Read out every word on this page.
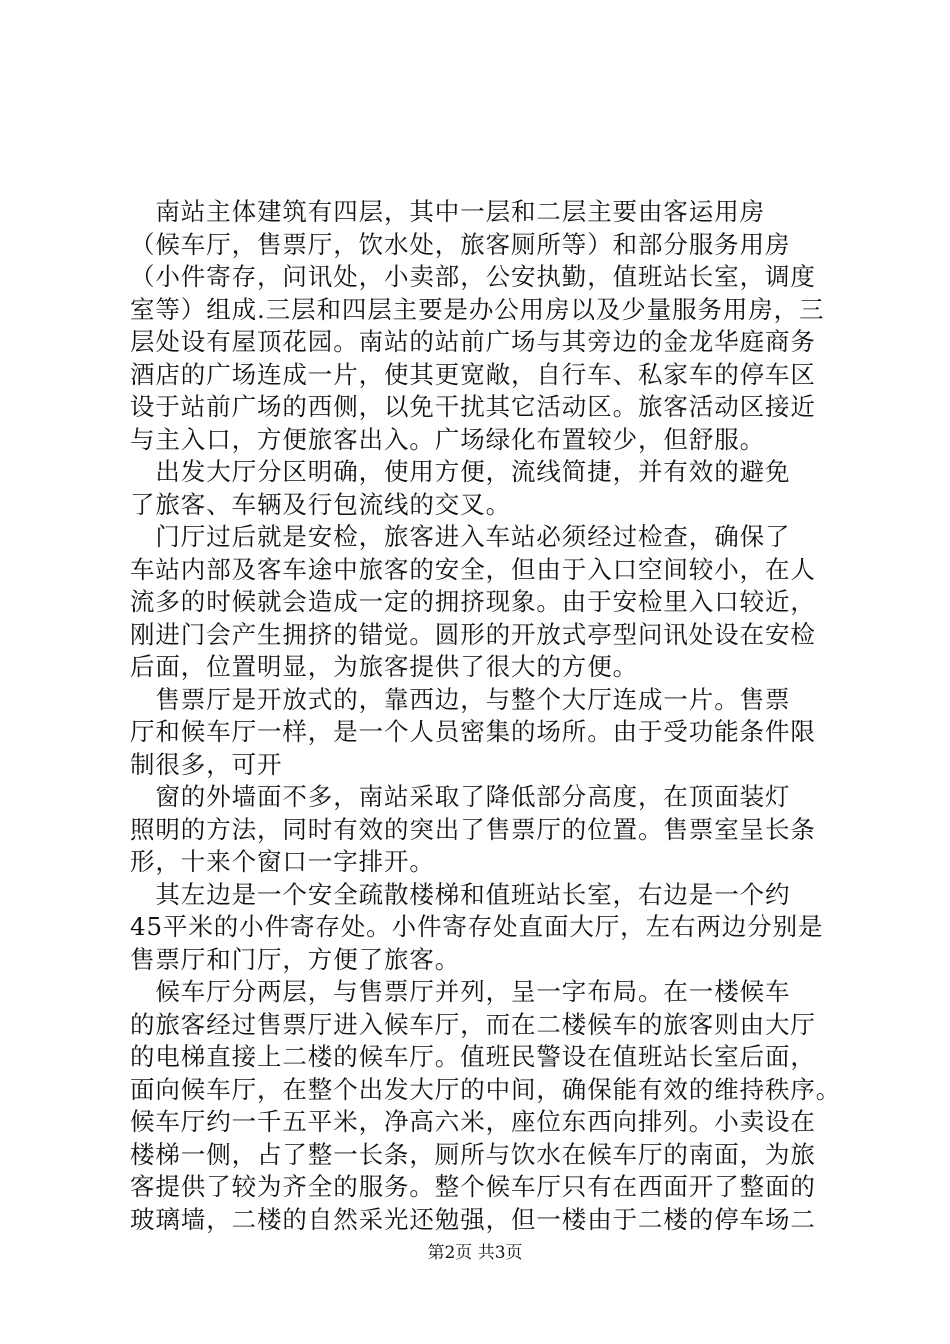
　南站主体建筑有四层，其中一层和二层主要由客运用房
（候车厅，售票厅，饮水处，旅客厕所等）和部分服务用房
（小件寄存，问讯处，小卖部，公安执勤，值班站长室，调度
室等）组成.三层和四层主要是办公用房以及少量服务用房，三
层处设有屋顶花园。南站的站前广场与其旁边的金龙华庭商务
酒店的广场连成一片，使其更宽敞，自行车、私家车的停车区
设于站前广场的西侧，以免干扰其它活动区。旅客活动区接近
与主入口，方便旅客出入。广场绿化布置较少，但舒服。
　出发大厅分区明确，使用方便，流线简捷，并有效的避免
了旅客、车辆及行包流线的交叉。
　门厅过后就是安检，旅客进入车站必须经过检查，确保了
车站内部及客车途中旅客的安全，但由于入口空间较小，在人
流多的时候就会造成一定的拥挤现象。由于安检里入口较近，
刚进门会产生拥挤的错觉。圆形的开放式亭型问讯处设在安检
后面，位置明显，为旅客提供了很大的方便。
　售票厅是开放式的，靠西边，与整个大厅连成一片。售票
厅和候车厅一样，是一个人员密集的场所。由于受功能条件限
制很多，可开
　窗的外墙面不多，南站采取了降低部分高度，在顶面装灯
照明的方法，同时有效的突出了售票厅的位置。售票室呈长条
形，十来个窗口一字排开。
　其左边是一个安全疏散楼梯和值班站长室，右边是一个约
45平米的小件寄存处。小件寄存处直面大厅，左右两边分别是
售票厅和门厅，方便了旅客。
　候车厅分两层，与售票厅并列，呈一字布局。在一楼候车
的旅客经过售票厅进入候车厅，而在二楼候车的旅客则由大厅
的电梯直接上二楼的候车厅。值班民警设在值班站长室后面，
面向候车厅，在整个出发大厅的中间，确保能有效的维持秩序。
候车厅约一千五平米，净高六米，座位东西向排列。小卖设在
楼梯一侧，占了整一长条，厕所与饮水在候车厅的南面，为旅
客提供了较为齐全的服务。整个候车厅只有在西面开了整面的
玻璃墙，二楼的自然采光还勉强，但一楼由于二楼的停车场二
第2页 共3页
